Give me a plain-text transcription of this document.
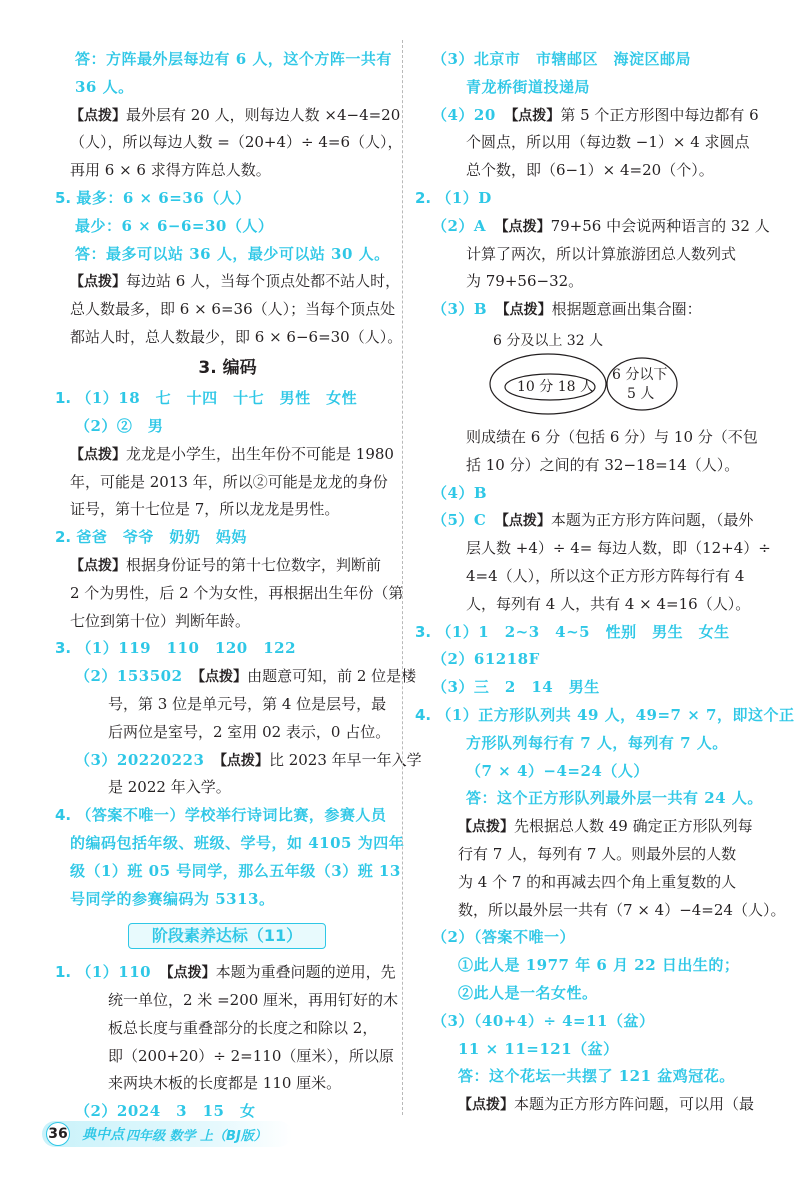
答：方阵最外层每边有 6 人，这个方阵一共有
36 人。
【点拨】最外层有 20 人，则每边人数 ×4−4=20
（人），所以每边人数 =（20+4）÷ 4=6（人），
再用 6 × 6 求得方阵总人数。
5. 最多：6 × 6=36（人）
最少：6 × 6−6=30（人）
答：最多可以站 36 人，最少可以站 30 人。
【点拨】每边站 6 人，当每个顶点处都不站人时，
总人数最多，即 6 × 6=36（人）；当每个顶点处
都站人时，总人数最少，即 6 × 6−6=30（人）。
3. 编码
1. （1）18　七　十四　十七　男性　女性
（2）②　男
【点拨】龙龙是小学生，出生年份不可能是 1980
年，可能是 2013 年，所以②可能是龙龙的身份
证号，第十七位是 7，所以龙龙是男性。
2. 爸爸　爷爷　奶奶　妈妈
【点拨】根据身份证号的第十七位数字，判断前
2 个为男性，后 2 个为女性，再根据出生年份（第
七位到第十位）判断年龄。
3. （1）119　110　120　122
（2）153502　【点拨】由题意可知，前 2 位是楼
号，第 3 位是单元号，第 4 位是层号，最
后两位是室号，2 室用 02 表示，0 占位。
（3）20220223　【点拨】比 2023 年早一年入学
是 2022 年入学。
4. （答案不唯一）学校举行诗词比赛，参赛人员
的编码包括年级、班级、学号，如 4105 为四年
级（1）班 05 号同学，那么五年级（3）班 13
号同学的参赛编码为 5313。
阶段素养达标（11）
1. （1）110　【点拨】本题为重叠问题的逆用，先
统一单位，2 米 =200 厘米，再用钉好的木
板总长度与重叠部分的长度之和除以 2，
即（200+20）÷ 2=110（厘米），所以原
来两块木板的长度都是 110 厘米。
（2）2024　3　15　女
（3）北京市　市辖邮区　海淀区邮局
青龙桥街道投递局
（4）20　【点拨】第 5 个正方形图中每边都有 6
个圆点，所以用（每边数 −1）× 4 求圆点
总个数，即（6−1）× 4=20（个）。
2. （1）D
（2）A　【点拨】79+56 中会说两种语言的 32 人
计算了两次，所以计算旅游团总人数列式
为 79+56−32。
（3）B　【点拨】根据题意画出集合圈：
6 分及以上 32 人
10 分 18 人
6 分以下
5 人
则成绩在 6 分（包括 6 分）与 10 分（不包
括 10 分）之间的有 32−18=14（人）。
（4）B
（5）C　【点拨】本题为正方形方阵问题，（最外
层人数 +4）÷ 4= 每边人数，即（12+4）÷
4=4（人），所以这个正方形方阵每行有 4
人，每列有 4 人，共有 4 × 4=16（人）。
3. （1）1　2~3　4~5　性别　男生　女生
（2）61218F
（3）三　2　14　男生
4. （1）正方形队列共 49 人，49=7 × 7，即这个正
方形队列每行有 7 人，每列有 7 人。
（7 × 4）−4=24（人）
答：这个正方形队列最外层一共有 24 人。
【点拨】先根据总人数 49 确定正方形队列每
行有 7 人，每列有 7 人。则最外层的人数
为 4 个 7 的和再减去四个角上重复数的人
数，所以最外层一共有（7 × 4）−4=24（人）。
（2）（答案不唯一）
①此人是 1977 年 6 月 22 日出生的；
②此人是一名女性。
（3）（40+4）÷ 4=11（盆）
11 × 11=121（盆）
答：这个花坛一共摆了 121 盆鸡冠花。
【点拨】本题为正方形方阵问题，可以用（最
36 典中点 四年级 数学 上（BJ版）
